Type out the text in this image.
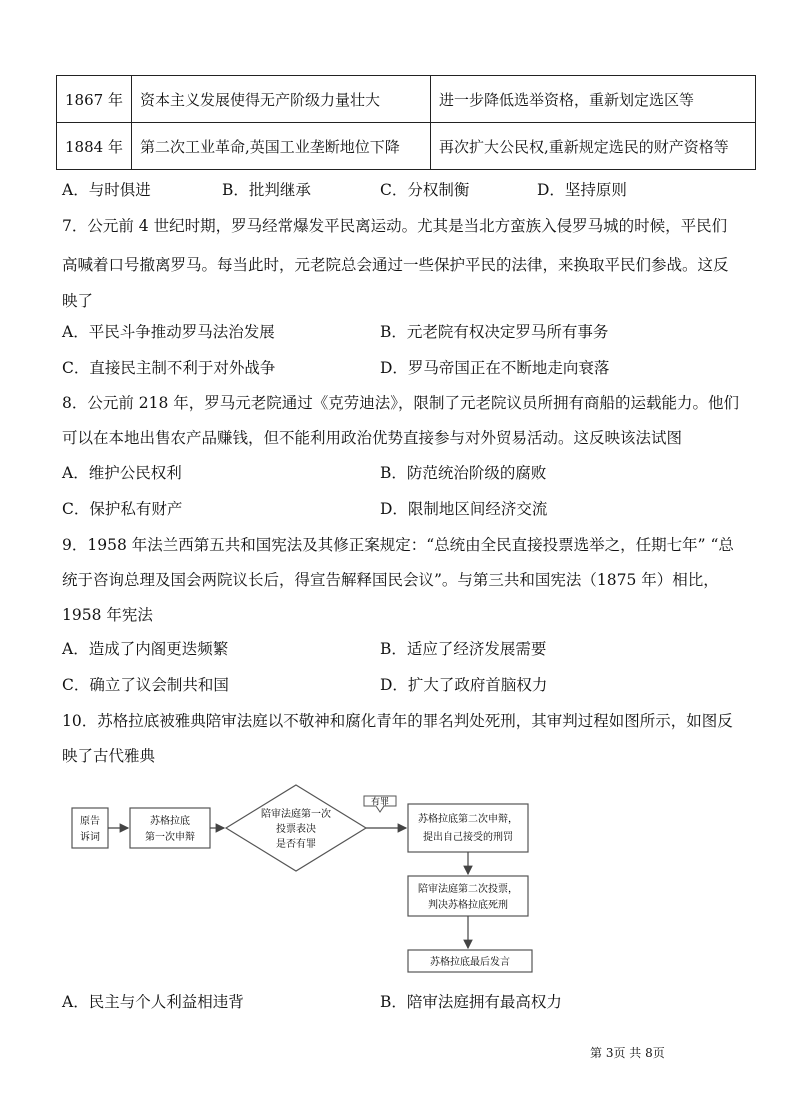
1867 年	资本主义发展使得无产阶级力量壮大	进一步降低选举资格，重新划定选区等
1884 年	第二次工业革命,英国工业垄断地位下降	再次扩大公民权,重新规定选民的财产资格等
A．与时俱进	B．批判继承	C．分权制衡	D．坚持原则
7．公元前 4 世纪时期，罗马经常爆发平民离运动。尤其是当北方蛮族入侵罗马城的时候，平民们
高喊着口号撤离罗马。每当此时，元老院总会通过一些保护平民的法律，来换取平民们参战。这反
映了
A．平民斗争推动罗马法治发展	B．元老院有权决定罗马所有事务
C．直接民主制不利于对外战争	D．罗马帝国正在不断地走向衰落
8．公元前 218 年，罗马元老院通过《克劳迪法》，限制了元老院议员所拥有商船的运载能力。他们
可以在本地出售农产品赚钱，但不能利用政治优势直接参与对外贸易活动。这反映该法试图
A．维护公民权利	B．防范统治阶级的腐败
C．保护私有财产	D．限制地区间经济交流
9．1958 年法兰西第五共和国宪法及其修正案规定：“总统由全民直接投票选举之，任期七年” “总
统于咨询总理及国会两院议长后，得宣告解释国民会议”。与第三共和国宪法（1875 年）相比，
1958 年宪法
A．造成了内阁更迭频繁	B．适应了经济发展需要
C．确立了议会制共和国	D．扩大了政府首脑权力
10．苏格拉底被雅典陪审法庭以不敬神和腐化青年的罪名判处死刑，其审判过程如图所示，如图反
映了古代雅典
原告
诉词
苏格拉底
第一次申辩
陪审法庭第一次
投票表决
是否有罪
有罪
苏格拉底第二次申辩，
提出自己接受的刑罚
陪审法庭第二次投票，
判决苏格拉底死刑
苏格拉底最后发言
A．民主与个人利益相违背	B．陪审法庭拥有最高权力
第 3页 共 8页
